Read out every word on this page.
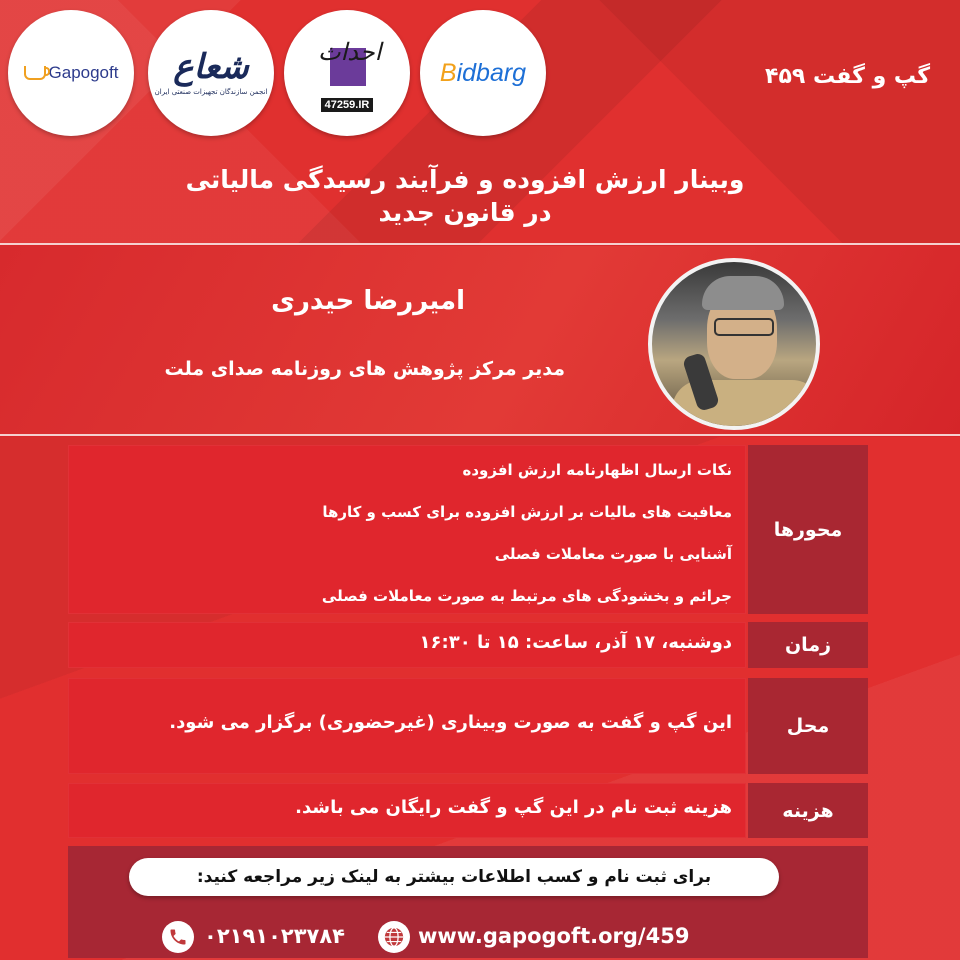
Gapogoft شعاع
انجمن سازندگان تجهیزات صنعتی ایران
احداث
47259.IR
Bidbarg	گپ و گفت ۴۵۹
وبینار ارزش افزوده و فرآیند رسیدگی مالیاتی
در قانون جدید
امیررضا حیدری
مدیر مرکز پژوهش های روزنامه صدای ملت
محورها
نکات ارسال اظهارنامه ارزش افزوده
معافیت های مالیات بر ارزش افزوده برای کسب و کارها
آشنایی با صورت معاملات فصلی
جرائم و بخشودگی های مرتبط به صورت معاملات فصلی
زمان
دوشنبه، ۱۷ آذر، ساعت: ۱۵ تا ۱۶:۳۰
محل
این گپ و گفت به صورت وبیناری (غیرحضوری) برگزار می شود.
هزینه
هزینه ثبت نام در این گپ و گفت رایگان می باشد.
برای ثبت نام و کسب اطلاعات بیشتر به لینک زیر مراجعه کنید:
www.gapogoft.org/459
۰۲۱۹۱۰۲۳۷۸۴
